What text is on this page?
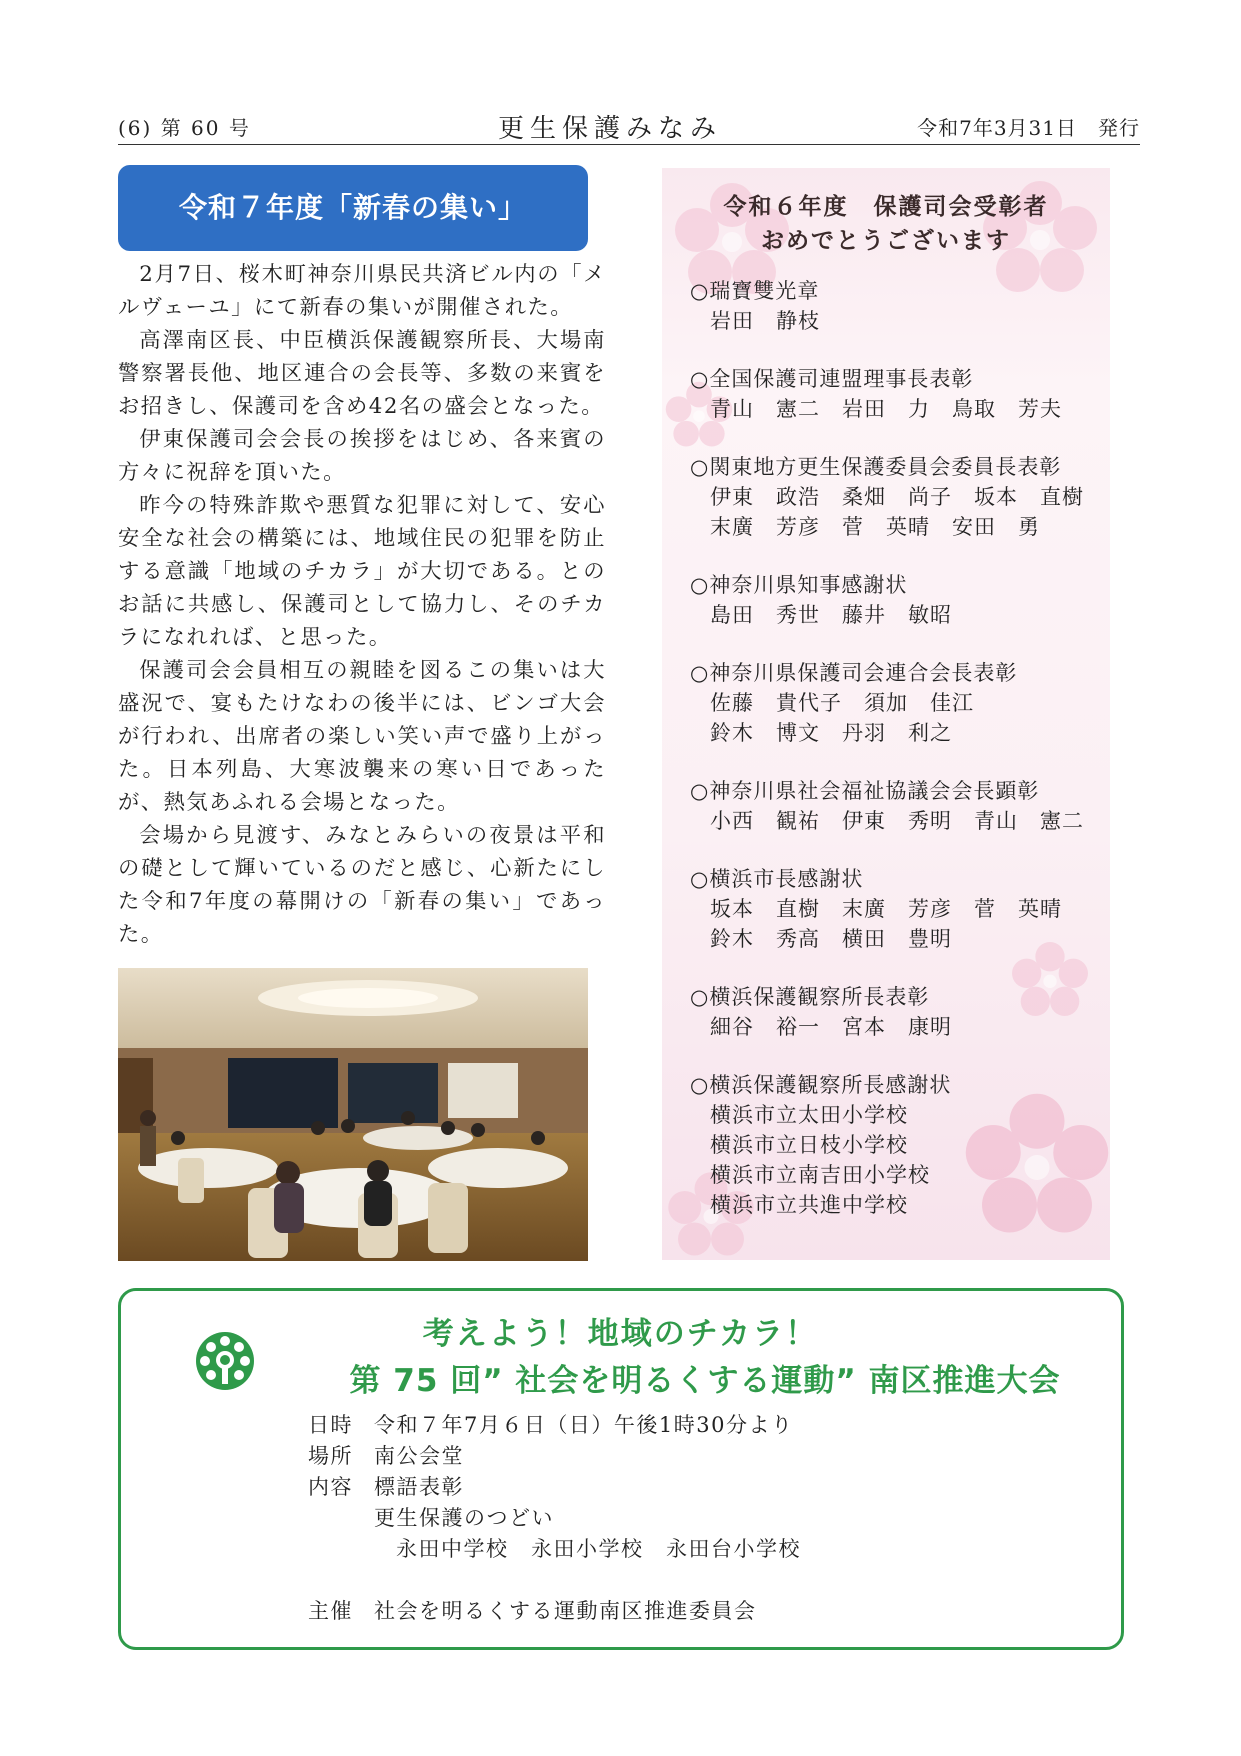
(6) 第 60 号	更生保護みなみ	令和7年3月31日　発行
令和７年度「新春の集い」

2月7日、桜木町神奈川県民共済ビル内の「メルヴェーユ」にて新春の集いが開催された。

高澤南区長、中臣横浜保護観察所長、大場南警察署長他、地区連合の会長等、多数の来賓をお招きし、保護司を含め42名の盛会となった。

伊東保護司会会長の挨拶をはじめ、各来賓の方々に祝辞を頂いた。

昨今の特殊詐欺や悪質な犯罪に対して、安心安全な社会の構築には、地域住民の犯罪を防止する意識「地域のチカラ」が大切である。とのお話に共感し、保護司として協力し、そのチカラになれれば、と思った。

保護司会会員相互の親睦を図るこの集いは大盛況で、宴もたけなわの後半には、ビンゴ大会が行われ、出席者の楽しい笑い声で盛り上がった。日本列島、大寒波襲来の寒い日であったが、熱気あふれる会場となった。

会場から見渡す、みなとみらいの夜景は平和の礎として輝いているのだと感じ、心新たにした令和7年度の幕開けの「新春の集い」であった。

令和６年度　保護司会受彰者
おめでとうございます

○瑞寶雙光章

岩田　静枝

○全国保護司連盟理事長表彰

青山　憲二　岩田　力　鳥取　芳夫

○関東地方更生保護委員会委員長表彰

伊東　政浩　桑畑　尚子　坂本　直樹

末廣　芳彦　菅　英晴　安田　勇

○神奈川県知事感謝状

島田　秀世　藤井　敏昭

○神奈川県保護司会連合会長表彰

佐藤　貴代子　須加　佳江

鈴木　博文　丹羽　利之

○神奈川県社会福祉協議会会長顕彰

小西　観祐　伊東　秀明　青山　憲二

○横浜市長感謝状

坂本　直樹　末廣　芳彦　菅　英晴

鈴木　秀高　横田　豊明

○横浜保護観察所長表彰

細谷　裕一　宮本　康明

○横浜保護観察所長感謝状

横浜市立太田小学校

横浜市立日枝小学校

横浜市立南吉田小学校

横浜市立共進中学校

考えよう！地域のチカラ！
第 75 回” 社会を明るくする運動” 南区推進大会
日時	令和７年7月６日（日）午後1時30分より
場所	南公会堂
内容	標語表彰
更生保護のつどい
永田中学校　永田小学校　永田台小学校
主催	社会を明るくする運動南区推進委員会
